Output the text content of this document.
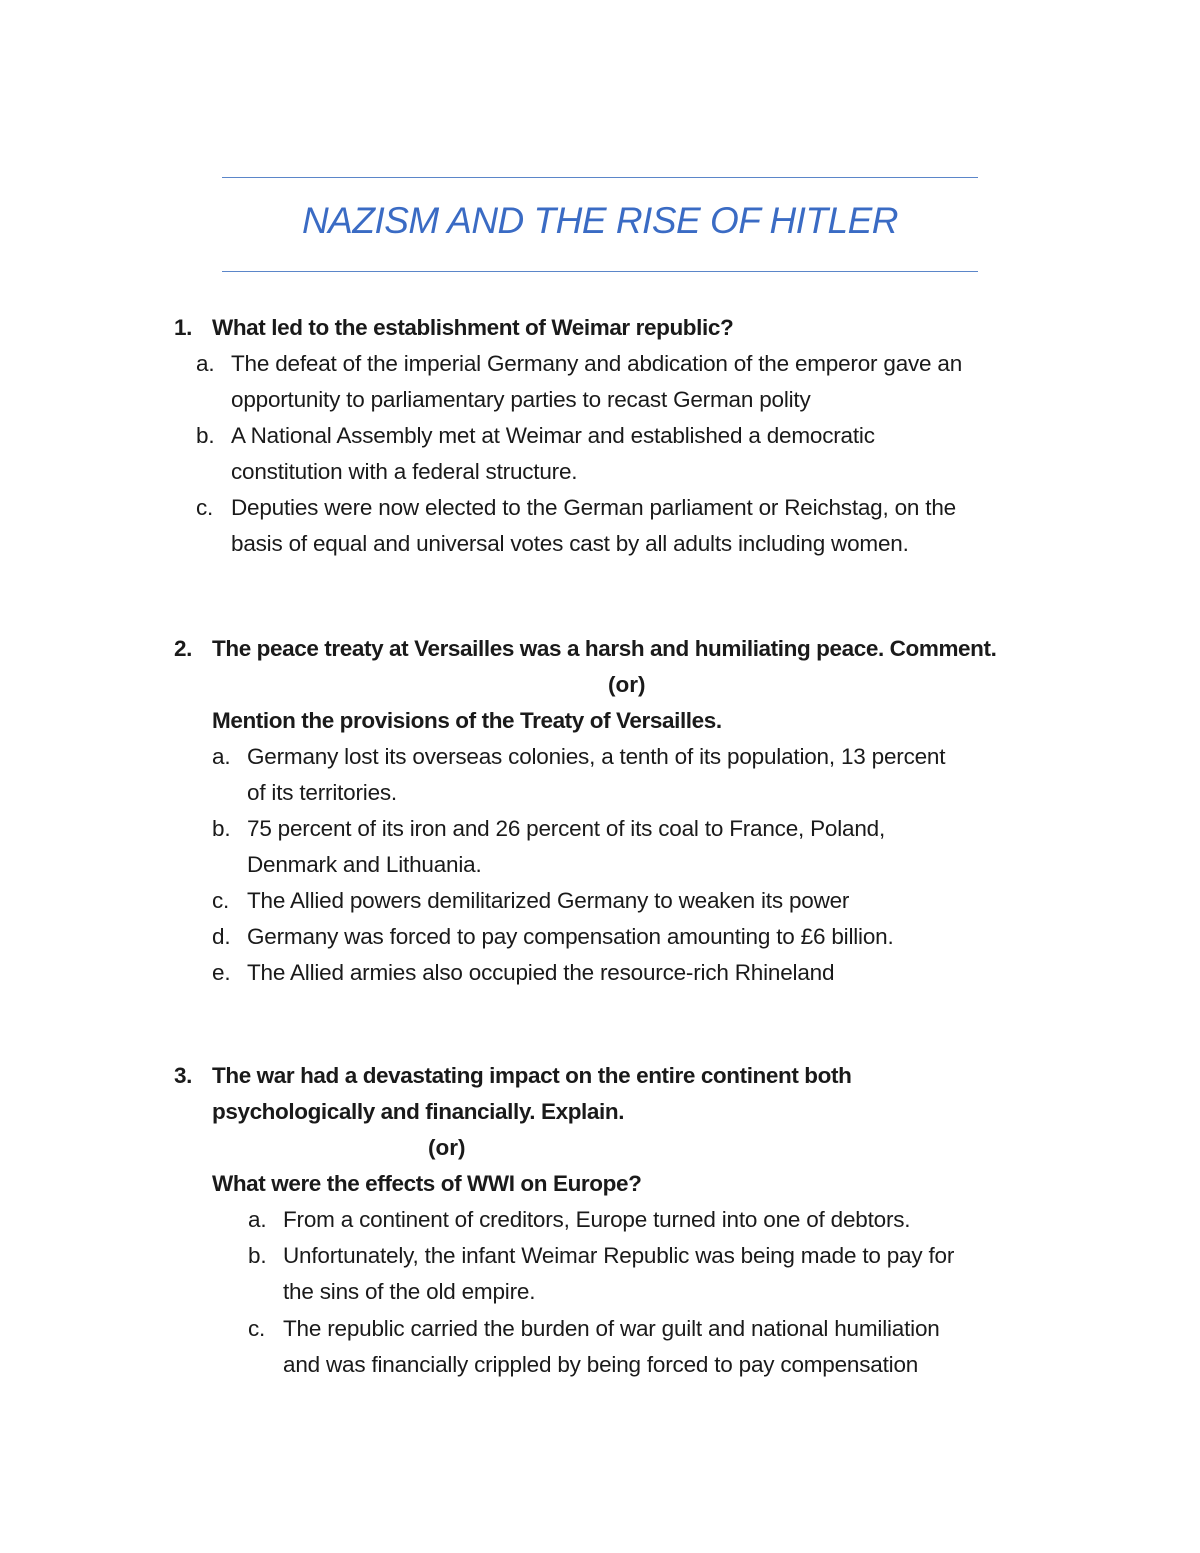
NAZISM AND THE RISE OF HITLER
1. What led to the establishment of Weimar republic?
a. The defeat of the imperial Germany and abdication of the emperor gave an
opportunity to parliamentary parties to recast German polity
b. A National Assembly met at Weimar and established a democratic
constitution with a federal structure.
c. Deputies were now elected to the German parliament or Reichstag, on the
basis of equal and universal votes cast by all adults including women.
2. The peace treaty at Versailles was a harsh and humiliating peace. Comment.
(or)
Mention the provisions of the Treaty of Versailles.
a. Germany lost its overseas colonies, a tenth of its population, 13 percent
of its territories.
b. 75 percent of its iron and 26 percent of its coal to France, Poland,
Denmark and Lithuania.
c. The Allied powers demilitarized Germany to weaken its power
d. Germany was forced to pay compensation amounting to £6 billion.
e. The Allied armies also occupied the resource-rich Rhineland
3. The war had a devastating impact on the entire continent both
psychologically and financially. Explain.
(or)
What were the effects of WWI on Europe?
a. From a continent of creditors, Europe turned into one of debtors.
b. Unfortunately, the infant Weimar Republic was being made to pay for
the sins of the old empire.
c. The republic carried the burden of war guilt and national humiliation
and was financially crippled by being forced to pay compensation
